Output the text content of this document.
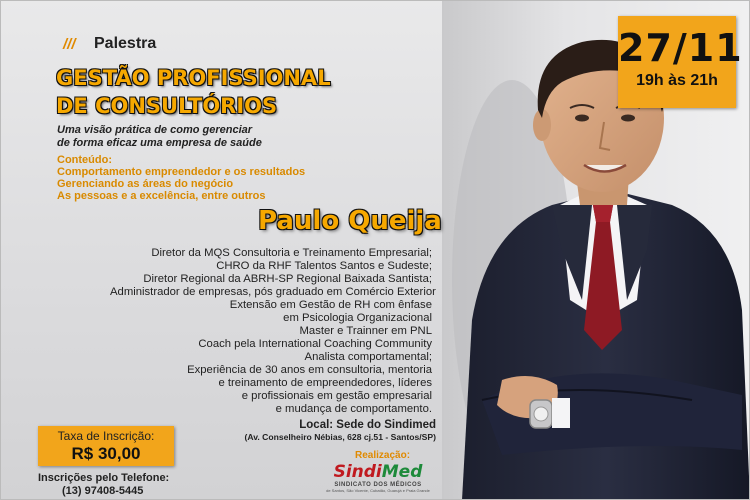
27/11
19h às 21h
/// Palestra
GESTÃO PROFISSIONAL
DE CONSULTÓRIOS
Uma visão prática de como gerenciar
de forma eficaz uma empresa de saúde
Conteúdo:
Comportamento empreendedor e os resultados
Gerenciando as áreas do negócio
As pessoas e a excelência, entre outros
Paulo Queija
Diretor da MQS Consultoria e Treinamento Empresarial;
CHRO da RHF Talentos Santos e Sudeste;
Diretor Regional da ABRH-SP Regional Baixada Santista;
Administrador de empresas, pós graduado em Comércio Exterior
Extensão em Gestão de RH com ênfase
em Psicologia Organizacional
Master e Trainner em PNL
Coach pela International Coaching Community
Analista comportamental;
Experiência de 30 anos em consultoria, mentoria
e treinamento de empreendedores, líderes
e profissionais em gestão empresarial
e mudança de comportamento.
Local: Sede do Sindimed
(Av. Conselheiro Nébias, 628 cj.51 - Santos/SP)
Taxa de Inscrição:
R$ 30,00
Inscrições pelo Telefone:
(13) 97408-5445
Realização:
SindiMed
SINDICATO DOS MÉDICOS
de Santos, São Vicente, Cubatão, Guarujá e Praia Grande
